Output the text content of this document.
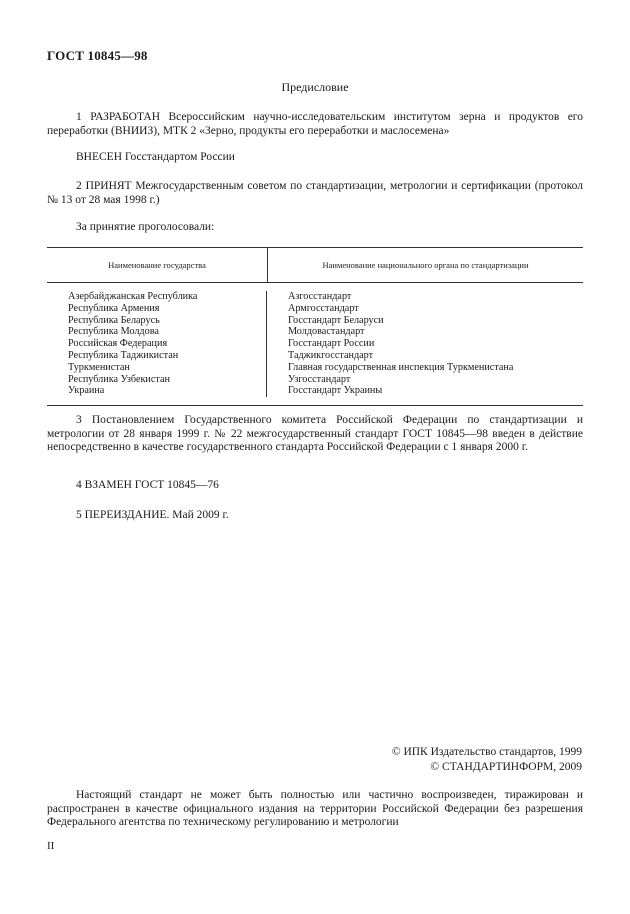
ГОСТ 10845—98
Предисловие
1 РАЗРАБОТАН Всероссийским научно-исследовательским институтом зерна и продуктов его переработки (ВНИИЗ), МТК 2 «Зерно, продукты его переработки и маслосемена»
ВНЕСЕН Госстандартом России
2 ПРИНЯТ Межгосударственным советом по стандартизации, метрологии и сертификации (протокол № 13 от 28 мая 1998 г.)
За принятие проголосовали:
Наименование государства	Наименование национального органа по стандартизации
Азербайджанская Республика
Республика Армения
Республика Беларусь
Республика Молдова
Российская Федерация
Республика Таджикистан
Туркменистан
Республика Узбекистан
Украина
Азгосстандарт
Армгосстандарт
Госстандарт Беларуси
Молдовастандарт
Госстандарт России
Таджикгосстандарт
Главная государственная инспекция Туркменистана
Узгосстандарт
Госстандарт Украины
3 Постановлением Государственного комитета Российской Федерации по стандартизации и метрологии от 28 января 1999 г. № 22 межгосударственный стандарт ГОСТ 10845—98 введен в действие непосредственно в качестве государственного стандарта Российской Федерации с 1 января 2000 г.
4 ВЗАМЕН ГОСТ 10845—76
5 ПЕРЕИЗДАНИЕ. Май 2009 г.
© ИПК Издательство стандартов, 1999
© СТАНДАРТИНФОРМ, 2009
Настоящий стандарт не может быть полностью или частично воспроизведен, тиражирован и распространен в качестве официального издания на территории Российской Федерации без разрешения Федерального агентства по техническому регулированию и метрологии
II
